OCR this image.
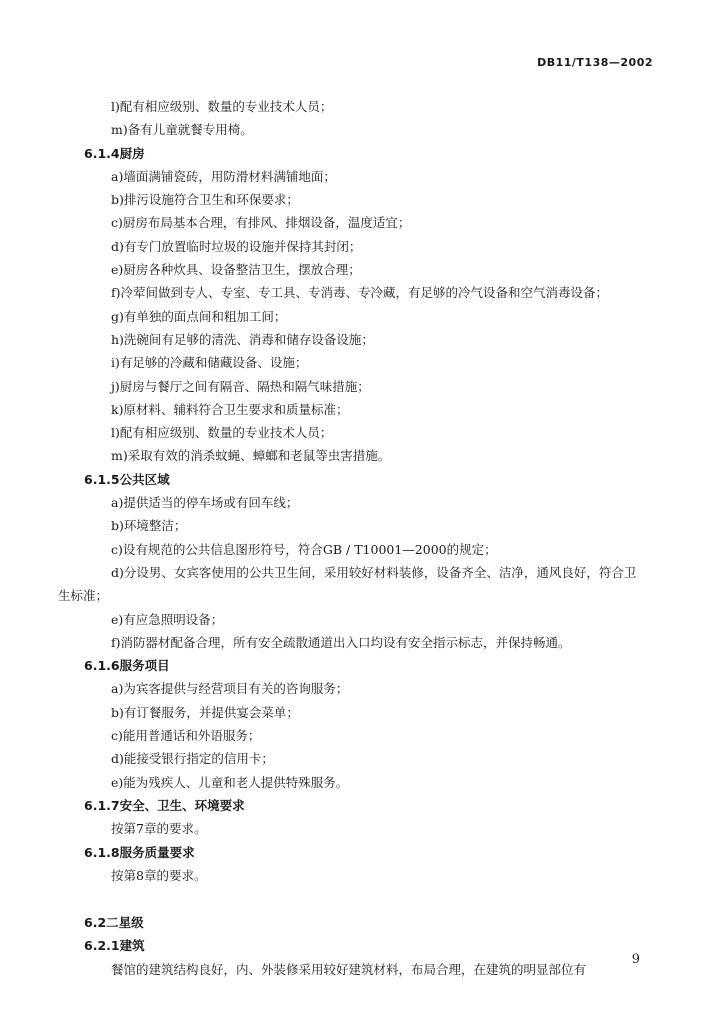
DB11/T138—2002
l)配有相应级别、数量的专业技术人员；
m)备有儿童就餐专用椅。
6.1.4厨房
a)墙面满铺瓷砖，用防滑材料满铺地面；
b)排污设施符合卫生和环保要求；
c)厨房布局基本合理，有排风、排烟设备，温度适宜；
d)有专门放置临时垃圾的设施并保持其封闭；
e)厨房各种炊具、设备整洁卫生，摆放合理；
f)冷荤间做到专人、专室、专工具、专消毒、专冷藏，有足够的冷气设备和空气消毒设备；
g)有单独的面点间和粗加工间；
h)洗碗间有足够的清洗、消毒和储存设备设施；
i)有足够的冷藏和储藏设备、设施；
j)厨房与餐厅之间有隔音、隔热和隔气味措施；
k)原材料、辅料符合卫生要求和质量标准；
l)配有相应级别、数量的专业技术人员；
m)采取有效的消杀蚊蝇、蟑螂和老鼠等虫害措施。
6.1.5公共区域
a)提供适当的停车场或有回车线；
b)环境整洁；
c)设有规范的公共信息图形符号，符合GB / T10001—2000的规定；
d)分设男、女宾客使用的公共卫生间，采用较好材料装修，设备齐全、洁净，通风良好，符合卫
生标准；
e)有应急照明设备；
f)消防器材配备合理，所有安全疏散通道出入口均设有安全指示标志，并保持畅通。
6.1.6服务项目
a)为宾客提供与经营项目有关的咨询服务；
b)有订餐服务，并提供宴会菜单；
c)能用普通话和外语服务；
d)能接受银行指定的信用卡；
e)能为残疾人、儿童和老人提供特殊服务。
6.1.7安全、卫生、环境要求
按第7章的要求。
6.1.8服务质量要求
按第8章的要求。
6.2二星级
6.2.1建筑
餐馆的建筑结构良好，内、外装修采用较好建筑材料，布局合理，在建筑的明显部位有
9
